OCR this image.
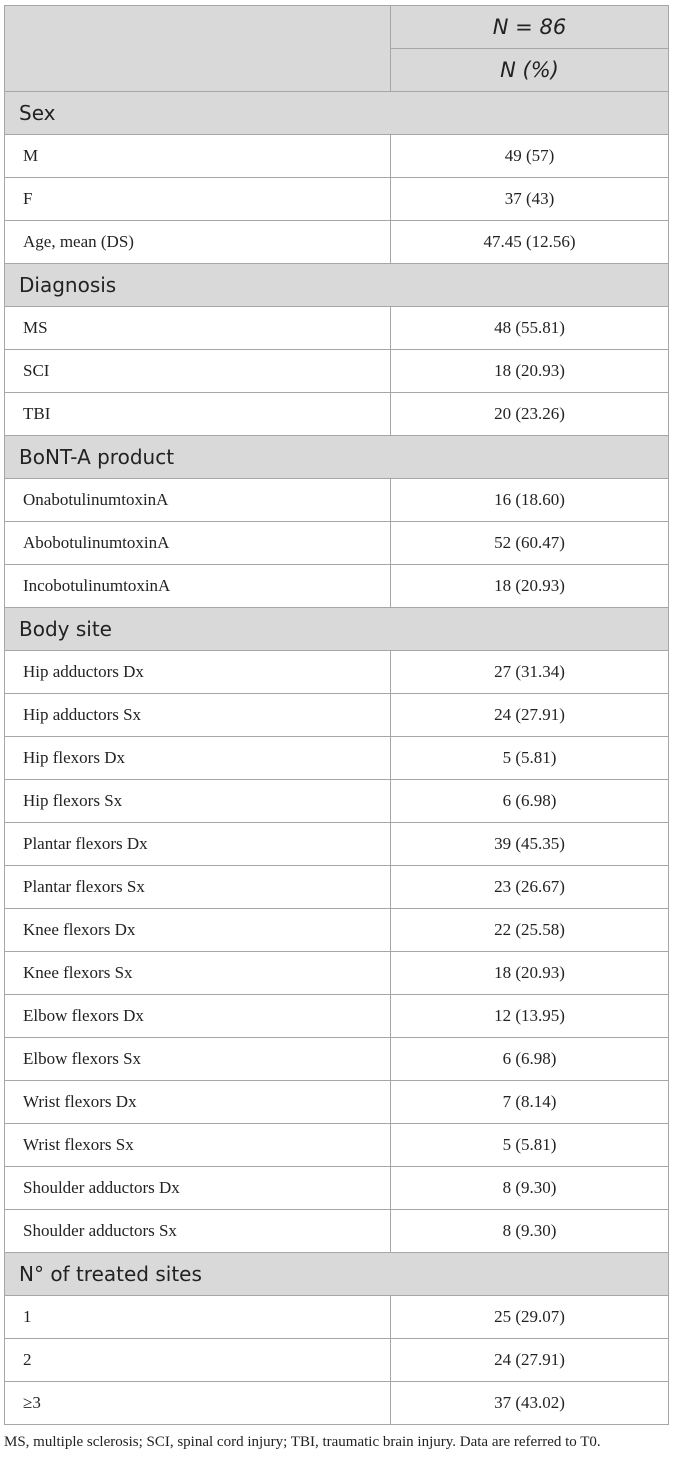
	N = 86
	N (%)
Sex	
M	49 (57)
F	37 (43)
Age, mean (DS)	47.45 (12.56)
Diagnosis	
MS	48 (55.81)
SCI	18 (20.93)
TBI	20 (23.26)
BoNT-A product	
OnabotulinumtoxinA	16 (18.60)
AbobotulinumtoxinA	52 (60.47)
IncobotulinumtoxinA	18 (20.93)
Body site	
Hip adductors Dx	27 (31.34)
Hip adductors Sx	24 (27.91)
Hip flexors Dx	5 (5.81)
Hip flexors Sx	6 (6.98)
Plantar flexors Dx	39 (45.35)
Plantar flexors Sx	23 (26.67)
Knee flexors Dx	22 (25.58)
Knee flexors Sx	18 (20.93)
Elbow flexors Dx	12 (13.95)
Elbow flexors Sx	6 (6.98)
Wrist flexors Dx	7 (8.14)
Wrist flexors Sx	5 (5.81)
Shoulder adductors Dx	8 (9.30)
Shoulder adductors Sx	8 (9.30)
N° of treated sites	
1	25 (29.07)
2	24 (27.91)
≥3	37 (43.02)
MS, multiple sclerosis; SCI, spinal cord injury; TBI, traumatic brain injury. Data are referred to T0.
